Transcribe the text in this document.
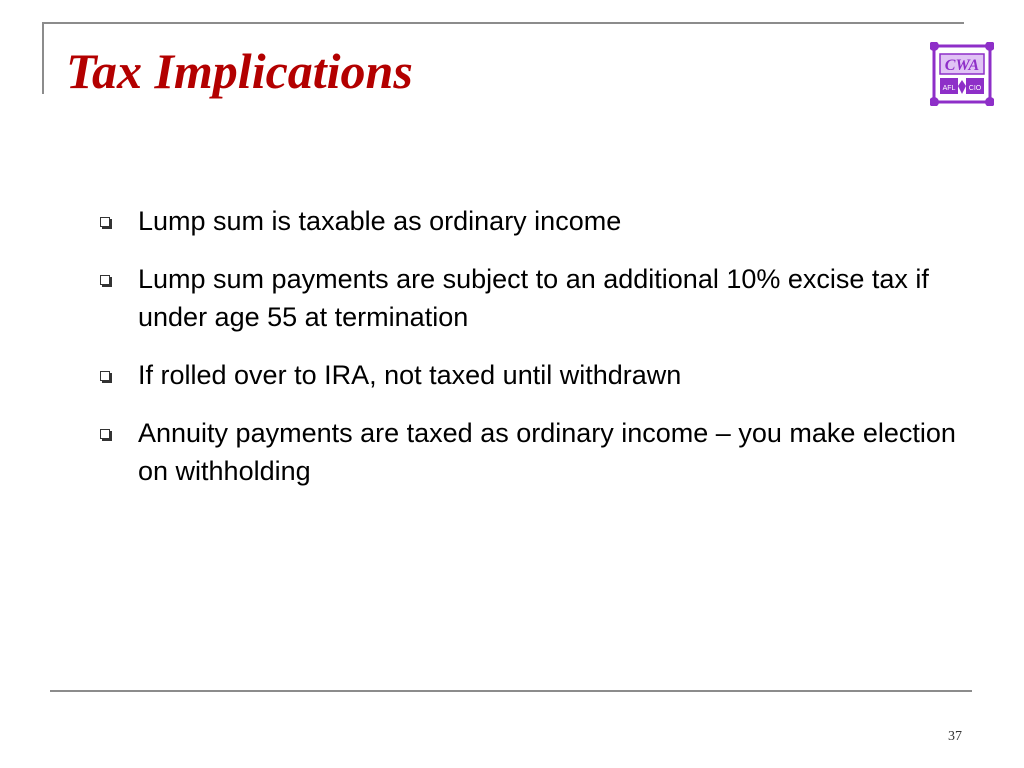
Tax Implications	CWA
AFL CIO
Lump sum is taxable as ordinary income
Lump sum payments are subject to an additional 10% excise tax if under age 55 at termination
If rolled over to IRA, not taxed until withdrawn
Annuity payments are taxed as ordinary income – you make election on withholding
37
